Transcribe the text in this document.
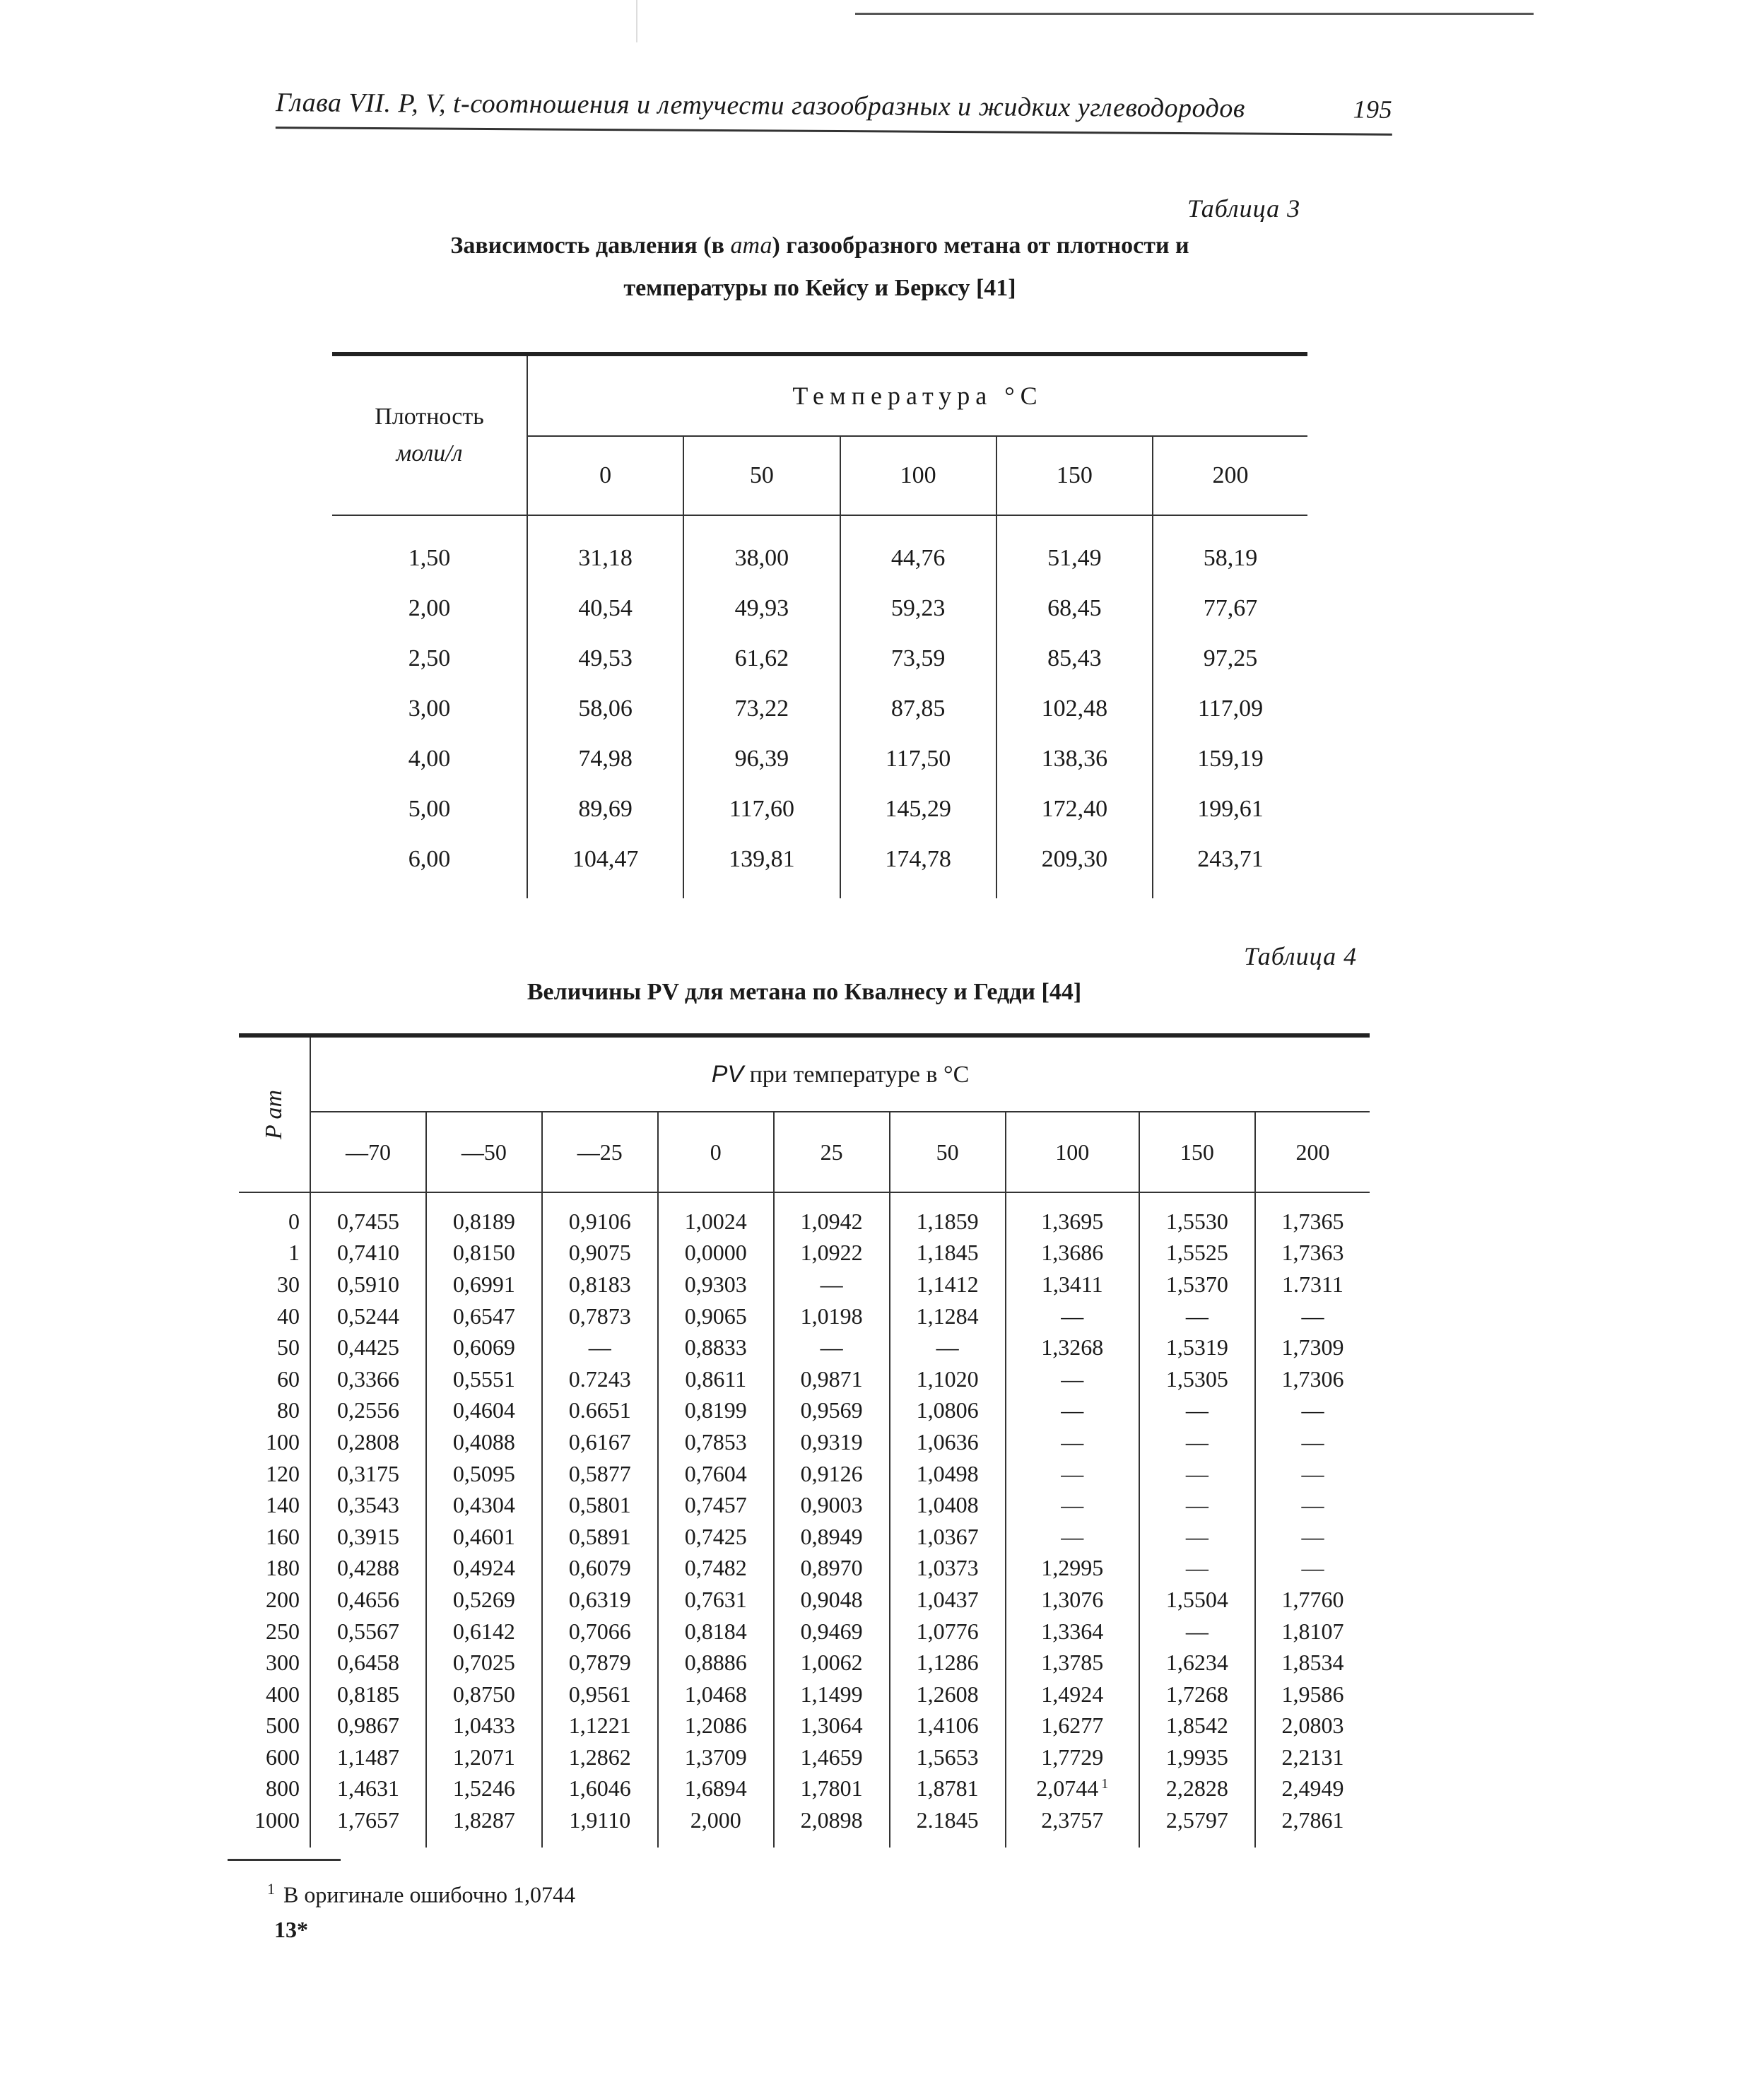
Глава VII. P, V, t-соотношения и летучести газообразных и жидких углеводородов	195
Таблица 3
Зависимость давления (в ата) газообразного метана от плотности и
температуры по Кейсу и Берксу [41]
Плотность
моли/л	Температура °C				
	0	50	100	150	200
1,50	31,18	38,00	44,76	51,49	58,19
2,00	40,54	49,93	59,23	68,45	77,67
2,50	49,53	61,62	73,59	85,43	97,25
3,00	58,06	73,22	87,85	102,48	117,09
4,00	74,98	96,39	117,50	138,36	159,19
5,00	89,69	117,60	145,29	172,40	199,61
6,00	104,47	139,81	174,78	209,30	243,71
Таблица 4
Величины PV для метана по Квалнесу и Гедди [44]
P am	PV при температуре в °C								
	—70	—50	—25	0	25	50	100	150	200
0	0,7455	0,8189	0,9106	1,0024	1,0942	1,1859	1,3695	1,5530	1,7365
1	0,7410	0,8150	0,9075	0,0000	1,0922	1,1845	1,3686	1,5525	1,7363
30	0,5910	0,6991	0,8183	0,9303	—	1,1412	1,3411	1,5370	1.7311
40	0,5244	0,6547	0,7873	0,9065	1,0198	1,1284	—	—	—
50	0,4425	0,6069	—	0,8833	—	—	1,3268	1,5319	1,7309
60	0,3366	0,5551	0.7243	0,8611	0,9871	1,1020	—	1,5305	1,7306
80	0,2556	0,4604	0.6651	0,8199	0,9569	1,0806	—	—	—
100	0,2808	0,4088	0,6167	0,7853	0,9319	1,0636	—	—	—
120	0,3175	0,5095	0,5877	0,7604	0,9126	1,0498	—	—	—
140	0,3543	0,4304	0,5801	0,7457	0,9003	1,0408	—	—	—
160	0,3915	0,4601	0,5891	0,7425	0,8949	1,0367	—	—	—
180	0,4288	0,4924	0,6079	0,7482	0,8970	1,0373	1,2995	—	—
200	0,4656	0,5269	0,6319	0,7631	0,9048	1,0437	1,3076	1,5504	1,7760
250	0,5567	0,6142	0,7066	0,8184	0,9469	1,0776	1,3364	—	1,8107
300	0,6458	0,7025	0,7879	0,8886	1,0062	1,1286	1,3785	1,6234	1,8534
400	0,8185	0,8750	0,9561	1,0468	1,1499	1,2608	1,4924	1,7268	1,9586
500	0,9867	1,0433	1,1221	1,2086	1,3064	1,4106	1,6277	1,8542	2,0803
600	1,1487	1,2071	1,2862	1,3709	1,4659	1,5653	1,7729	1,9935	2,2131
800	1,4631	1,5246	1,6046	1,6894	1,7801	1,8781	2,0744 $^1$	2,2828	2,4949
1000	1,7657	1,8287	1,9110	2,000	2,0898	2.1845	2,3757	2,5797	2,7861
$^1$ В оригинале ошибочно 1,0744
13*
